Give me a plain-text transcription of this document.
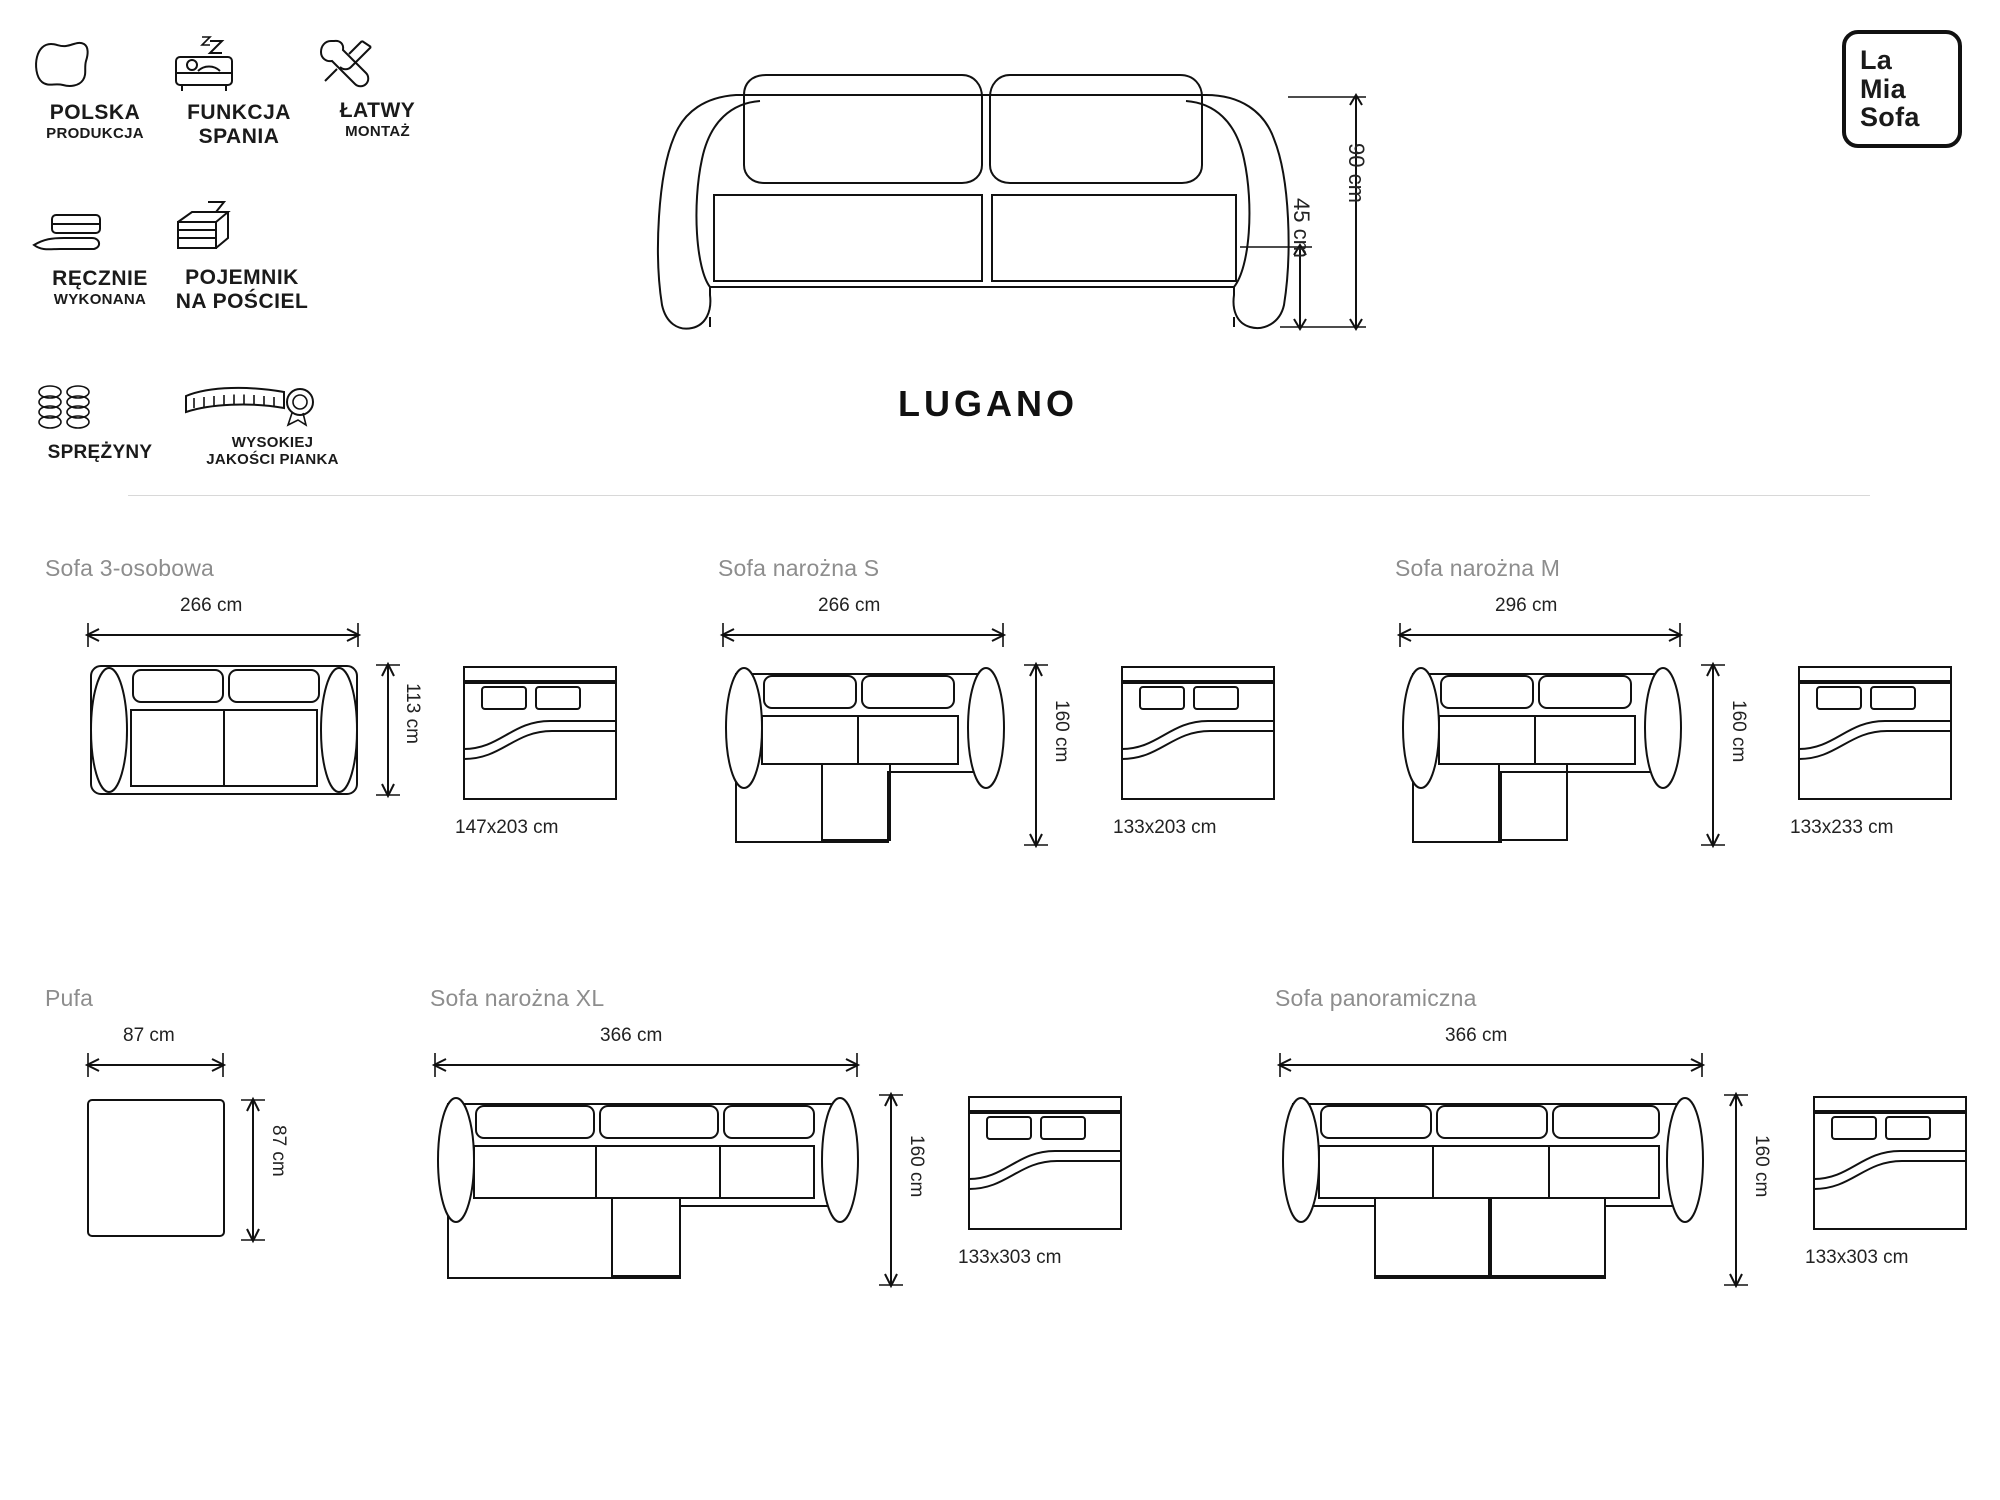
POLSKA
PRODUKCJA
FUNKCJA
SPANIA
ŁATWY
MONTAŻ
RĘCZNIE
WYKONANA
POJEMNIK
NA POŚCIEL
SPRĘŻYNY	WYSOKIEJ
JAKOŚCI PIANKA
La
Mia
Sofa
90 cm
45 cm
LUGANO
Sofa 3-osobowa
266 cm
113 cm
147x203 cm
Sofa narożna S
266 cm
160 cm
133x203 cm
Sofa narożna M
296 cm
160 cm
133x233 cm
Pufa
87 cm
87 cm
Sofa narożna XL
366 cm
160 cm
133x303 cm
Sofa panoramiczna
366 cm
160 cm
133x303 cm
